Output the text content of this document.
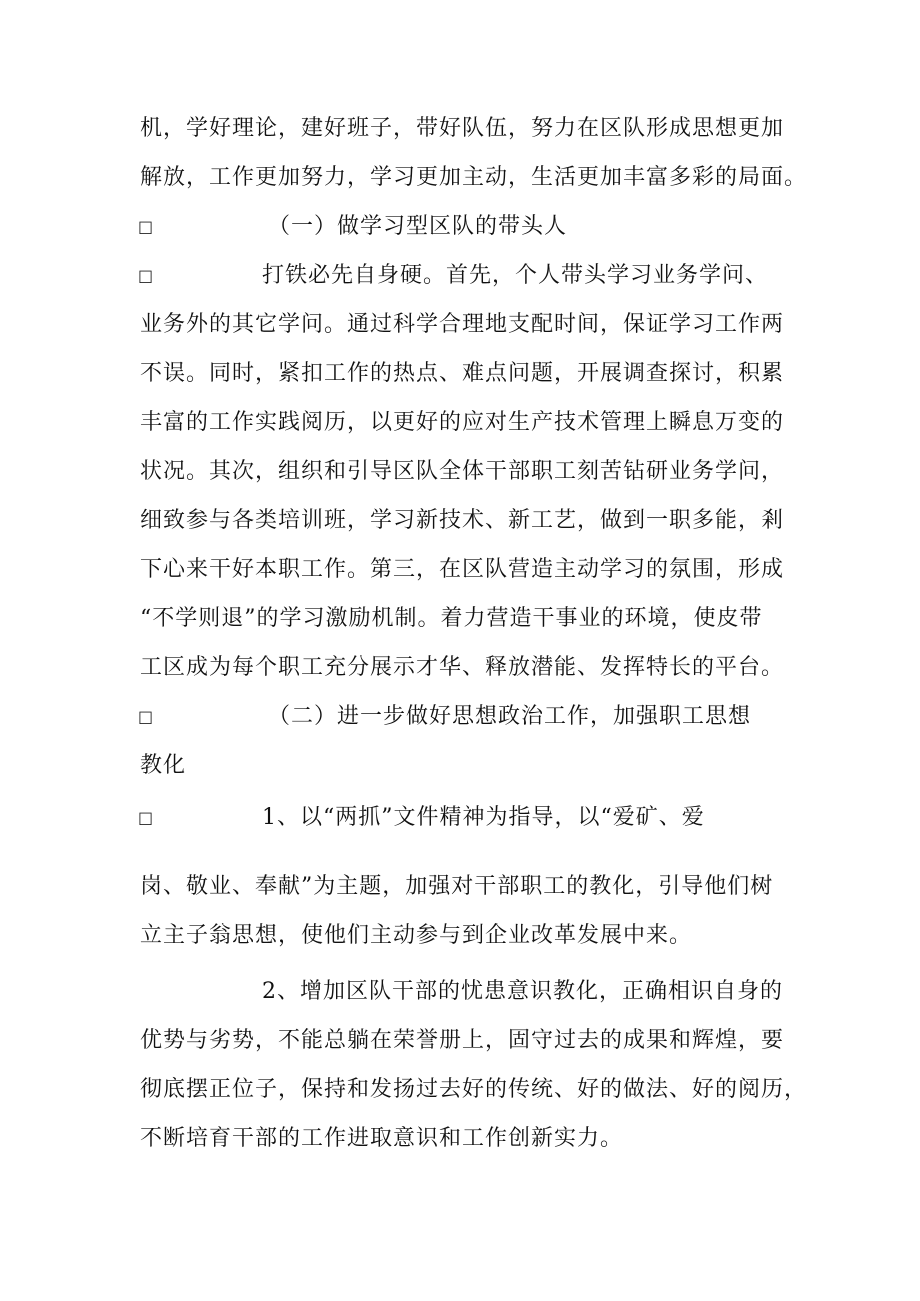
机，学好理论，建好班子，带好队伍，努力在区队形成思想更加
解放，工作更加努力，学习更加主动，生活更加丰富多彩的局面。
□	（一）做学习型区队的带头人
□	打铁必先自身硬。首先，个人带头学习业务学问、
业务外的其它学问。通过科学合理地支配时间，保证学习工作两
不误。同时，紧扣工作的热点、难点问题，开展调查探讨，积累
丰富的工作实践阅历，以更好的应对生产技术管理上瞬息万变的
状况。其次，组织和引导区队全体干部职工刻苦钻研业务学问，
细致参与各类培训班，学习新技术、新工艺，做到一职多能，剎
下心来干好本职工作。第三，在区队营造主动学习的氛围，形成
“不学则退”的学习激励机制。着力营造干事业的环境，使皮带
工区成为每个职工充分展示才华、释放潜能、发挥特长的平台。
□	（二）进一步做好思想政治工作，加强职工思想
教化
□	1、以“两抓”文件精神为指导，以“爱矿、爱
岗、敬业、奉献”为主题，加强对干部职工的教化，引导他们树
立主子翁思想，使他们主动参与到企业改革发展中来。
2、增加区队干部的忧患意识教化，正确相识自身的
优势与劣势，不能总躺在荣誉册上，固守过去的成果和辉煌，要
彻底摆正位子，保持和发扬过去好的传统、好的做法、好的阅历，
不断培育干部的工作进取意识和工作创新实力。
